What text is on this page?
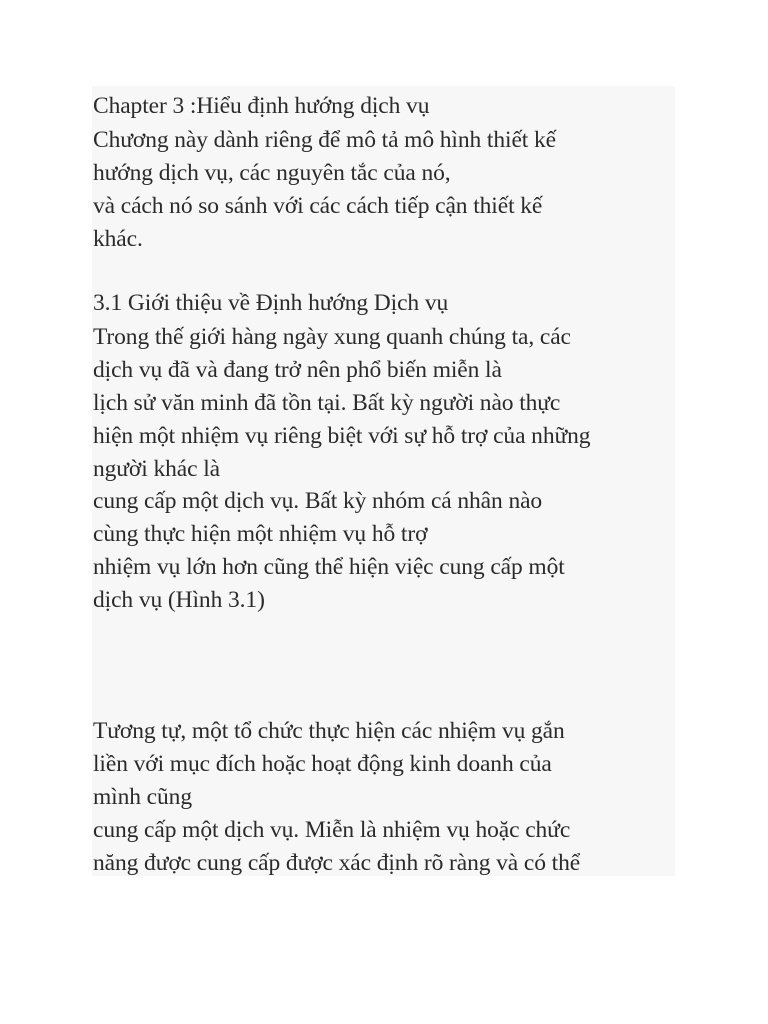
Chapter 3 :Hiểu định hướng dịch vụ
Chương này dành riêng để mô tả mô hình thiết kế
hướng dịch vụ, các nguyên tắc của nó,
và cách nó so sánh với các cách tiếp cận thiết kế
khác.
3.1 Giới thiệu về Định hướng Dịch vụ
Trong thế giới hàng ngày xung quanh chúng ta, các
dịch vụ đã và đang trở nên phổ biến miễn là
lịch sử văn minh đã tồn tại. Bất kỳ người nào thực
hiện một nhiệm vụ riêng biệt với sự hỗ trợ của những
người khác là
cung cấp một dịch vụ. Bất kỳ nhóm cá nhân nào
cùng thực hiện một nhiệm vụ hỗ trợ
nhiệm vụ lớn hơn cũng thể hiện việc cung cấp một
dịch vụ (Hình 3.1)
Tương tự, một tổ chức thực hiện các nhiệm vụ gắn
liền với mục đích hoặc hoạt động kinh doanh của
mình cũng
cung cấp một dịch vụ. Miễn là nhiệm vụ hoặc chức
năng được cung cấp được xác định rõ ràng và có thể
